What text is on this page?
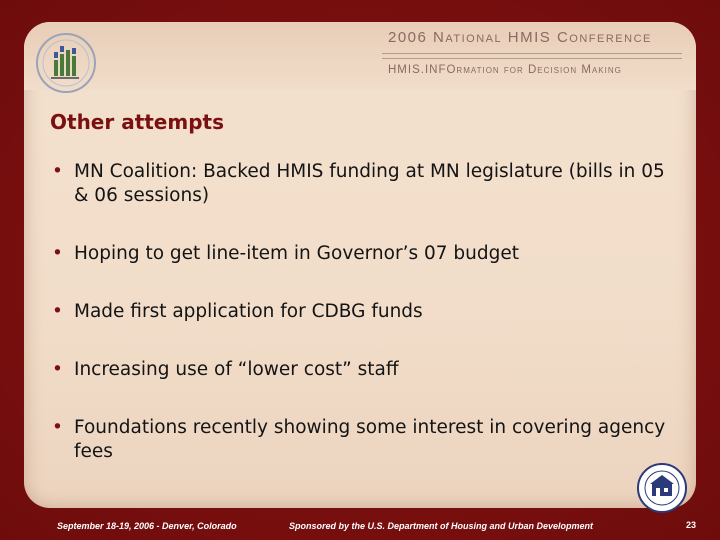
2006 National HMIS Conference
HMIS.INFOrmation for Decision Making
Other attempts
• MN Coalition: Backed HMIS funding at MN legislature (bills in 05 & 06 sessions)
• Hoping to get line-item in Governor’s 07 budget
• Made first application for CDBG funds
• Increasing use of “lower cost” staff
• Foundations recently showing some interest in covering agency fees
September 18-19, 2006 - Denver, Colorado	Sponsored by the U.S. Department of Housing and Urban Development	23
